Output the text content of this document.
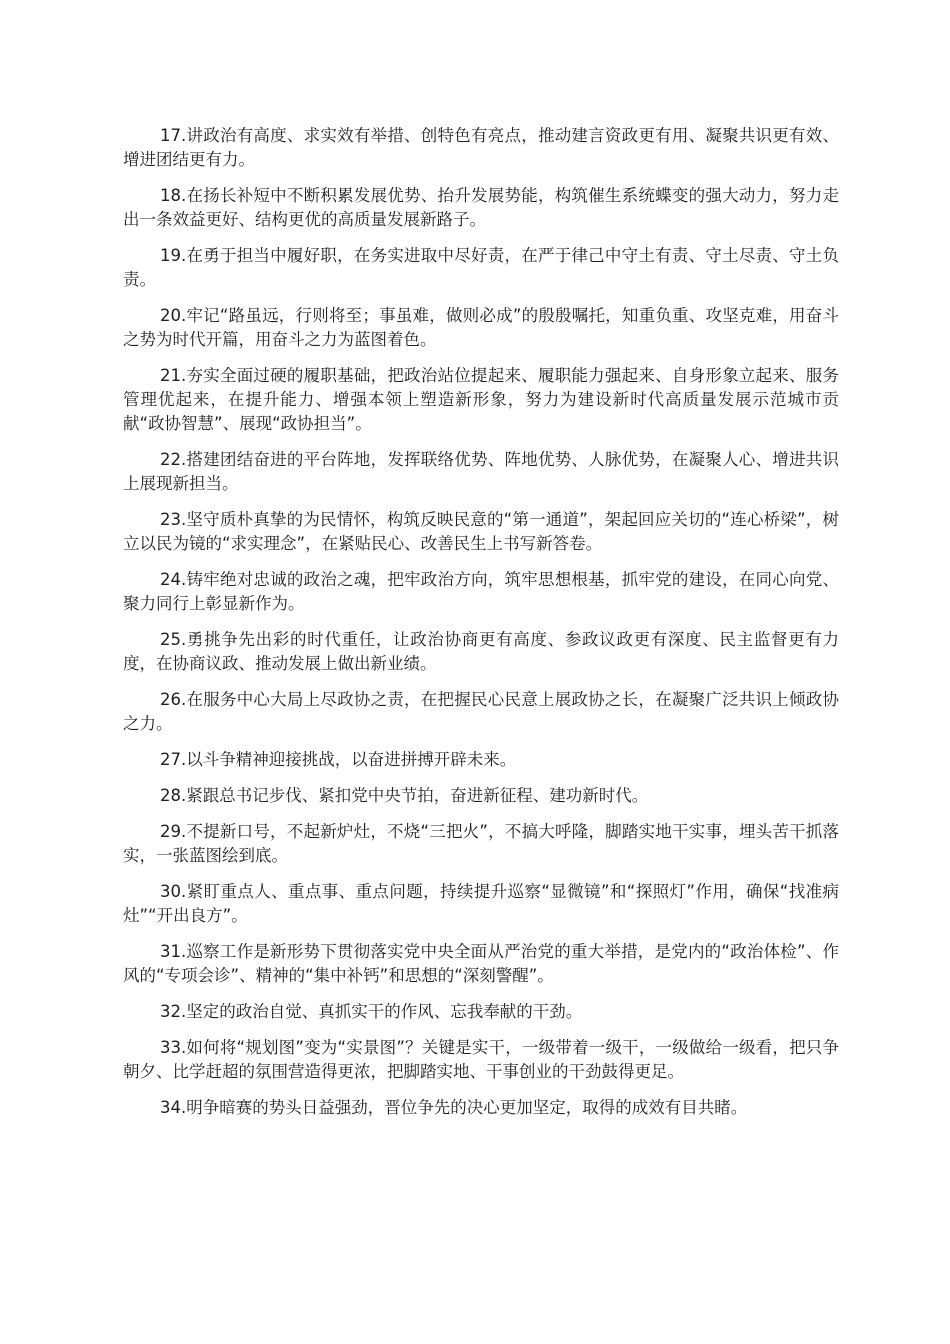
17.讲政治有高度、求实效有举措、创特色有亮点，推动建言资政更有用、凝聚共识更有效、增进团结更有力。

18.在扬长补短中不断积累发展优势、抬升发展势能，构筑催生系统蝶变的强大动力，努力走出一条效益更好、结构更优的高质量发展新路子。

19.在勇于担当中履好职，在务实进取中尽好责，在严于律己中守土有责、守土尽责、守土负责。

20.牢记“路虽远，行则将至；事虽难，做则必成”的殷殷嘱托，知重负重、攻坚克难，用奋斗之势为时代开篇，用奋斗之力为蓝图着色。

21.夯实全面过硬的履职基础，把政治站位提起来、履职能力强起来、自身形象立起来、服务管理优起来，在提升能力、增强本领上塑造新形象，努力为建设新时代高质量发展示范城市贡献“政协智慧”、展现“政协担当”。

22.搭建团结奋进的平台阵地，发挥联络优势、阵地优势、人脉优势，在凝聚人心、增进共识上展现新担当。

23.坚守质朴真挚的为民情怀，构筑反映民意的“第一通道”，架起回应关切的“连心桥梁”，树立以民为镜的“求实理念”，在紧贴民心、改善民生上书写新答卷。

24.铸牢绝对忠诚的政治之魂，把牢政治方向，筑牢思想根基，抓牢党的建设，在同心向党、聚力同行上彰显新作为。

25.勇挑争先出彩的时代重任，让政治协商更有高度、参政议政更有深度、民主监督更有力度，在协商议政、推动发展上做出新业绩。

26.在服务中心大局上尽政协之责，在把握民心民意上展政协之长，在凝聚广泛共识上倾政协之力。

27.以斗争精神迎接挑战，以奋进拼搏开辟未来。

28.紧跟总书记步伐、紧扣党中央节拍，奋进新征程、建功新时代。

29.不提新口号，不起新炉灶，不烧“三把火”，不搞大呼隆，脚踏实地干实事，埋头苦干抓落实，一张蓝图绘到底。

30.紧盯重点人、重点事、重点问题，持续提升巡察“显微镜”和“探照灯”作用，确保“找准病灶”“开出良方”。

31.巡察工作是新形势下贯彻落实党中央全面从严治党的重大举措，是党内的“政治体检”、作风的“专项会诊”、精神的“集中补钙”和思想的“深刻警醒”。

32.坚定的政治自觉、真抓实干的作风、忘我奉献的干劲。

33.如何将“规划图”变为“实景图”？关键是实干，一级带着一级干，一级做给一级看，把只争朝夕、比学赶超的氛围营造得更浓，把脚踏实地、干事创业的干劲鼓得更足。

34.明争暗赛的势头日益强劲，晋位争先的决心更加坚定，取得的成效有目共睹。
